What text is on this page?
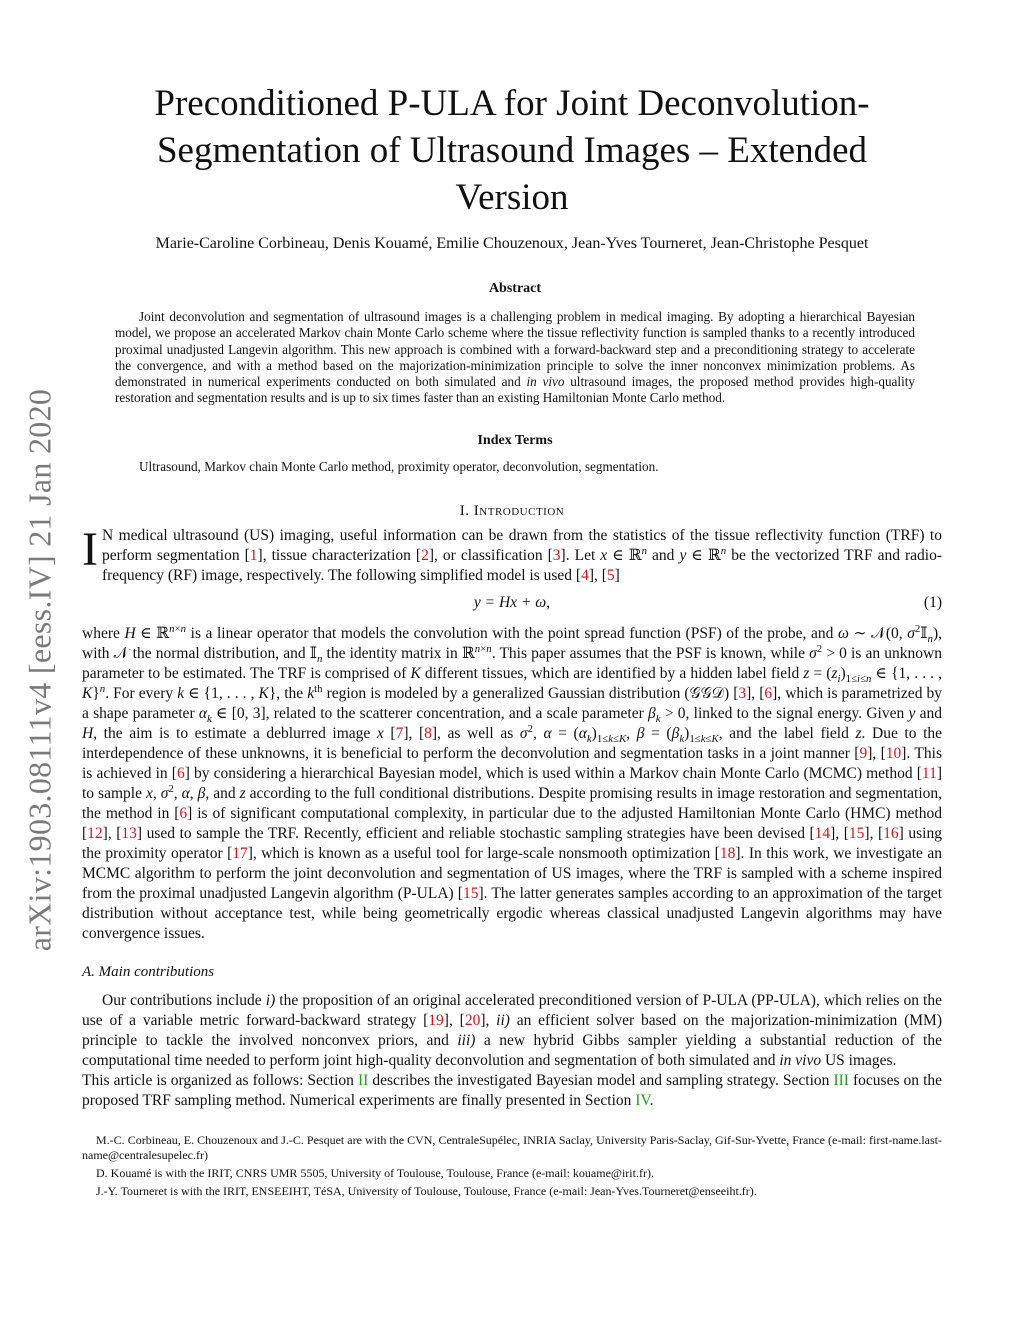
arXiv:1903.08111v4 [eess.IV] 21 Jan 2020
Preconditioned P-ULA for Joint Deconvolution-Segmentation of Ultrasound Images – Extended Version

Marie-Caroline Corbineau, Denis Kouamé, Emilie Chouzenoux, Jean-Yves Tourneret, Jean-Christophe Pesquet

Abstract

Joint deconvolution and segmentation of ultrasound images is a challenging problem in medical imaging. By adopting a hierarchical Bayesian model, we propose an accelerated Markov chain Monte Carlo scheme where the tissue reflectivity function is sampled thanks to a recently introduced proximal unadjusted Langevin algorithm. This new approach is combined with a forward-backward step and a preconditioning strategy to accelerate the convergence, and with a method based on the majorization-minimization principle to solve the inner nonconvex minimization problems. As demonstrated in numerical experiments conducted on both simulated and in vivo ultrasound images, the proposed method provides high-quality restoration and segmentation results and is up to six times faster than an existing Hamiltonian Monte Carlo method.

Index Terms

Ultrasound, Markov chain Monte Carlo method, proximity operator, deconvolution, segmentation.

I. Introduction

I N medical ultrasound (US) imaging, useful information can be drawn from the statistics of the tissue reflectivity function (TRF) to perform segmentation [1], tissue characterization [2], or classification [3]. Let x ∈ ℝ$^n$ and y ∈ ℝ$^n$ be the vectorized TRF and radio-frequency (RF) image, respectively. The following simplified model is used [4], [5]

y = Hx + ω,	(1)

where H ∈ ℝ$^{n\times n}$ is a linear operator that models the convolution with the point spread function (PSF) of the probe, and ω ∼ 𝒩(0, $\sigma^2𝕀_n$), with 𝒩 the normal distribution, and 𝕀$_n$ the identity matrix in ℝ$^{n\times n}$. This paper assumes that the PSF is known, while $\sigma^2 > 0$ is an unknown parameter to be estimated. The TRF is comprised of K different tissues, which are identified by a hidden label field $z = (z_i)_{1\le i\le n}$ ∈ {1, . . . , K}$^n$. For every k ∈ {1, . . . , K}, the $k^{th}$ region is modeled by a generalized Gaussian distribution (𝒢𝒢𝒟) [3], [6], which is parametrized by a shape parameter $\alpha_k$ ∈ [0, 3], related to the scatterer concentration, and a scale parameter $\beta_k > 0$, linked to the signal energy. Given y and H, the aim is to estimate a deblurred image x [7], [8], as well as $\sigma^2$, $\alpha = (\alpha_k)_{1\le k\le K}$, $\beta = (\beta_k)_{1\le k\le K}$, and the label field z. Due to the interdependence of these unknowns, it is beneficial to perform the deconvolution and segmentation tasks in a joint manner [9], [10]. This is achieved in [6] by considering a hierarchical Bayesian model, which is used within a Markov chain Monte Carlo (MCMC) method [11] to sample x, $\sigma^2$, α, β, and z according to the full conditional distributions. Despite promising results in image restoration and segmentation, the method in [6] is of significant computational complexity, in particular due to the adjusted Hamiltonian Monte Carlo (HMC) method [12], [13] used to sample the TRF. Recently, efficient and reliable stochastic sampling strategies have been devised [14], [15], [16] using the proximity operator [17], which is known as a useful tool for large-scale nonsmooth optimization [18]. In this work, we investigate an MCMC algorithm to perform the joint deconvolution and segmentation of US images, where the TRF is sampled with a scheme inspired from the proximal unadjusted Langevin algorithm (P-ULA) [15]. The latter generates samples according to an approximation of the target distribution without acceptance test, while being geometrically ergodic whereas classical unadjusted Langevin algorithms may have convergence issues.

A. Main contributions

Our contributions include i) the proposition of an original accelerated preconditioned version of P-ULA (PP-ULA), which relies on the use of a variable metric forward-backward strategy [19], [20], ii) an efficient solver based on the majorization-minimization (MM) principle to tackle the involved nonconvex priors, and iii) a new hybrid Gibbs sampler yielding a substantial reduction of the computational time needed to perform joint high-quality deconvolution and segmentation of both simulated and in vivo US images.

This article is organized as follows: Section II describes the investigated Bayesian model and sampling strategy. Section III focuses on the proposed TRF sampling method. Numerical experiments are finally presented in Section IV.

M.-C. Corbineau, E. Chouzenoux and J.-C. Pesquet are with the CVN, CentraleSupélec, INRIA Saclay, University Paris-Saclay, Gif-Sur-Yvette, France (e-mail: first-name.last-name@centralesupelec.fr)

D. Kouamé is with the IRIT, CNRS UMR 5505, University of Toulouse, Toulouse, France (e-mail: kouame@irit.fr).

J.-Y. Tourneret is with the IRIT, ENSEEIHT, TéSA, University of Toulouse, Toulouse, France (e-mail: Jean-Yves.Tourneret@enseeiht.fr).
